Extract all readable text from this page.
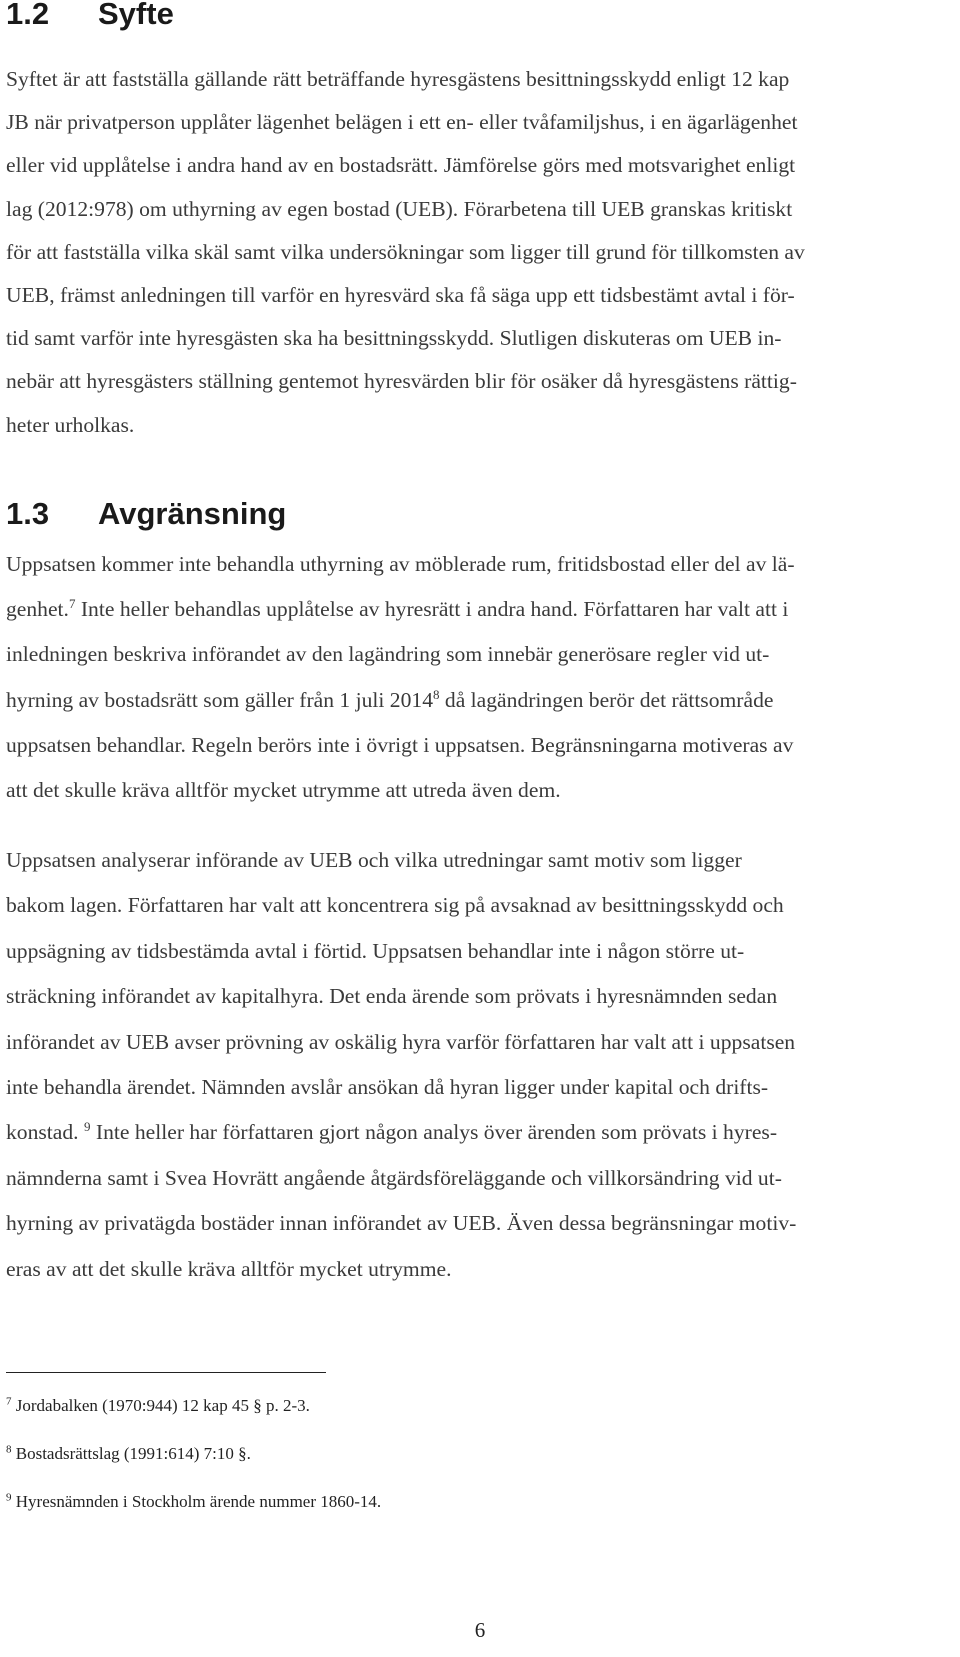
1.2 Syfte
Syftet är att fastställa gällande rätt beträffande hyresgästens besittningsskydd enligt 12 kap
JB när privatperson upplåter lägenhet belägen i ett en- eller tvåfamiljshus, i en ägarlägenhet
eller vid upplåtelse i andra hand av en bostadsrätt. Jämförelse görs med motsvarighet enligt
lag (2012:978) om uthyrning av egen bostad (UEB). Förarbetena till UEB granskas kritiskt
för att fastställa vilka skäl samt vilka undersökningar som ligger till grund för tillkomsten av
UEB, främst anledningen till varför en hyresvärd ska få säga upp ett tidsbestämt avtal i för-
tid samt varför inte hyresgästen ska ha besittningsskydd. Slutligen diskuteras om UEB in-
nebär att hyresgästers ställning gentemot hyresvärden blir för osäker då hyresgästens rättig-
heter urholkas.
1.3 Avgränsning
Uppsatsen kommer inte behandla uthyrning av möblerade rum, fritidsbostad eller del av lä-
genhet.$^7$ Inte heller behandlas upplåtelse av hyresrätt i andra hand. Författaren har valt att i
inledningen beskriva införandet av den lagändring som innebär generösare regler vid ut-
hyrning av bostadsrätt som gäller från 1 juli 2014$^8$ då lagändringen berör det rättsområde
uppsatsen behandlar. Regeln berörs inte i övrigt i uppsatsen. Begränsningarna motiveras av
att det skulle kräva alltför mycket utrymme att utreda även dem.
Uppsatsen analyserar införande av UEB och vilka utredningar samt motiv som ligger
bakom lagen. Författaren har valt att koncentrera sig på avsaknad av besittningsskydd och
uppsägning av tidsbestämda avtal i förtid. Uppsatsen behandlar inte i någon större ut-
sträckning införandet av kapitalhyra. Det enda ärende som prövats i hyresnämnden sedan
införandet av UEB avser prövning av oskälig hyra varför författaren har valt att i uppsatsen
inte behandla ärendet. Nämnden avslår ansökan då hyran ligger under kapital och drifts-
konstad. $^9$ Inte heller har författaren gjort någon analys över ärenden som prövats i hyres-
nämnderna samt i Svea Hovrätt angående åtgärdsföreläggande och villkorsändring vid ut-
hyrning av privatägda bostäder innan införandet av UEB. Även dessa begränsningar motiv-
eras av att det skulle kräva alltför mycket utrymme.
$^7$ Jordabalken (1970:944) 12 kap 45 § p. 2-3.
$^8$ Bostadsrättslag (1991:614) 7:10 §.
$^9$ Hyresnämnden i Stockholm ärende nummer 1860-14.
6
